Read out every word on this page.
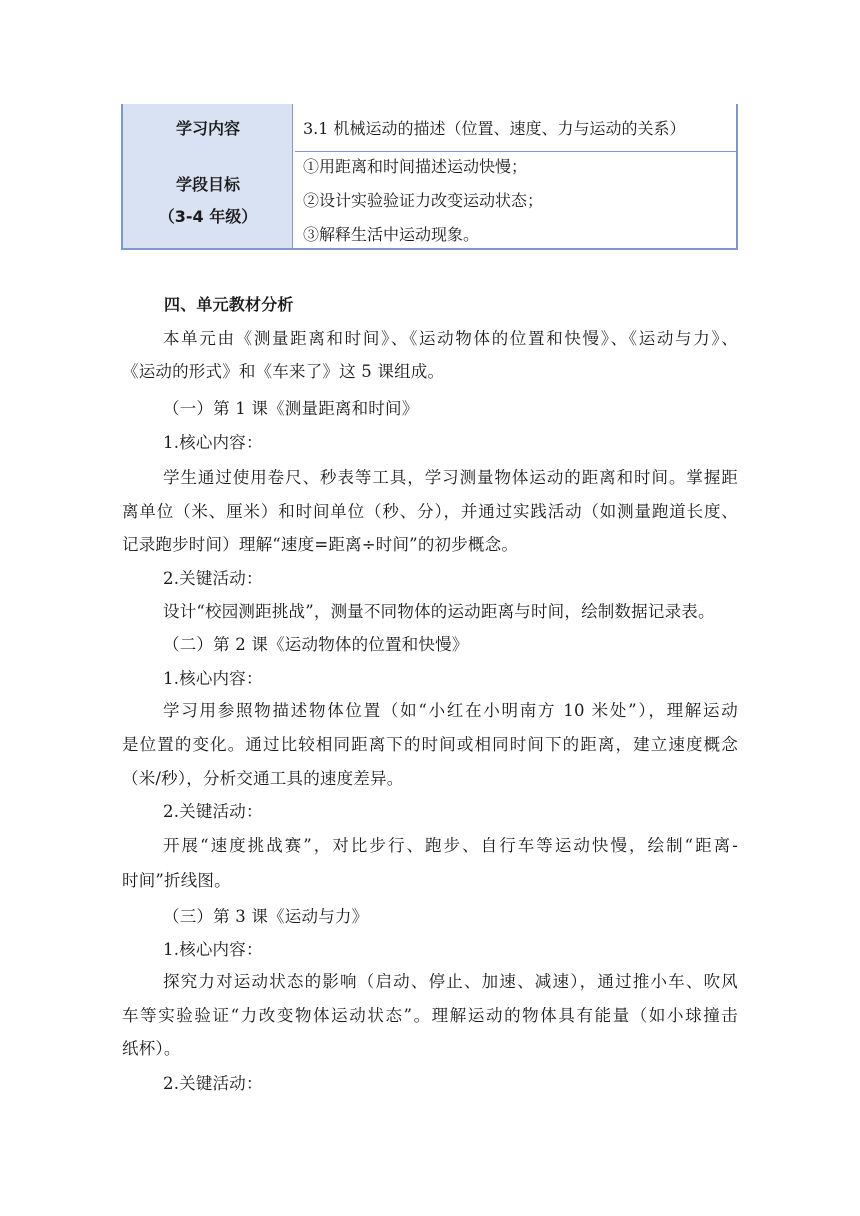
学习内容
学段目标
（3-4 年级）
3.1 机械运动的描述（位置、速度、力与运动的关系）
①用距离和时间描述运动快慢；
②设计实验验证力改变运动状态；
③解释生活中运动现象。
四、单元教材分析
本单元由《测量距离和时间》、《运动物体的位置和快慢》、《运动与力》、
《运动的形式》和《车来了》这 5 课组成。
（一）第 1 课《测量距离和时间》
1.核心内容：
学生通过使用卷尺、秒表等工具，学习测量物体运动的距离和时间。掌握距
离单位（米、厘米）和时间单位（秒、分），并通过实践活动（如测量跑道长度、
记录跑步时间）理解“速度=距离÷时间”的初步概念。
2.关键活动：
设计“校园测距挑战”，测量不同物体的运动距离与时间，绘制数据记录表。
（二）第 2 课《运动物体的位置和快慢》
1.核心内容：
学习用参照物描述物体位置（如“小红在小明南方 10 米处”），理解运动
是位置的变化。通过比较相同距离下的时间或相同时间下的距离，建立速度概念
（米/秒），分析交通工具的速度差异。
2.关键活动：
开展“速度挑战赛”，对比步行、跑步、自行车等运动快慢，绘制“距离-
时间”折线图。
（三）第 3 课《运动与力》
1.核心内容：
探究力对运动状态的影响（启动、停止、加速、减速），通过推小车、吹风
车等实验验证“力改变物体运动状态”。理解运动的物体具有能量（如小球撞击
纸杯）。
2.关键活动：
